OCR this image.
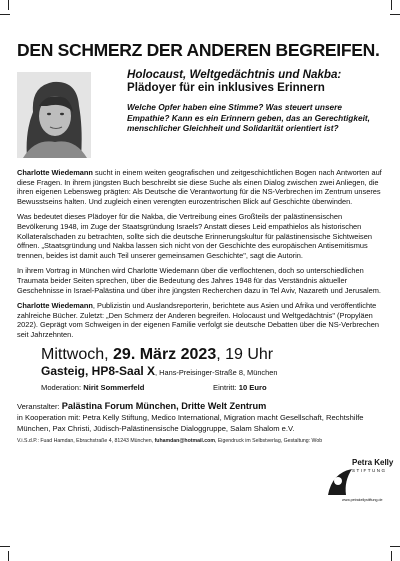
DEN SCHMERZ DER ANDEREN BEGREIFEN.
Holocaust, Weltgedächtnis und Nakba:
Plädoyer für ein inklusives Erinnern
Welche Opfer haben eine Stimme? Was steuert unsere Empathie? Kann es ein Erinnern geben, das an Gerechtigkeit, menschlicher Gleichheit und Solidarität orientiert ist?

Charlotte Wiedemann sucht in einem weiten geografischen und zeitgeschichtlichen Bogen nach Antworten auf diese Fragen. In ihrem jüngsten Buch beschreibt sie diese Suche als einen Dialog zwischen zwei Anliegen, die ihren eigenen Lebensweg prägten: Als Deutsche die Verantwortung für die NS-Verbrechen im Zentrum unseres Bewusstseins halten. Und zugleich einen verengten eurozentrischen Blick auf Geschichte überwinden.

Was bedeutet dieses Plädoyer für die Nakba, die Vertreibung eines Großteils der palästinensischen Bevölkerung 1948, im Zuge der Staatsgründung Israels? Anstatt dieses Leid empathielos als historischen Kollateralschaden zu betrachten, sollte sich die deutsche Erinnerungskultur für palästinensische Sichtweisen öffnen. „Staatsgründung und Nakba lassen sich nicht von der Geschichte des europäischen Antisemitismus trennen, beides ist damit auch Teil unserer gemeinsamen Geschichte", sagt die Autorin.

In ihrem Vortrag in München wird Charlotte Wiedemann über die verflochtenen, doch so unterschiedlichen Traumata beider Seiten sprechen, über die Bedeutung des Jahres 1948 für das Verständnis aktueller Geschehnisse in Israel-Palästina und über ihre jüngsten Recherchen dazu in Tel Aviv, Nazareth und Jerusalem.

Charlotte Wiedemann, Publizistin und Auslandsreporterin, berichtete aus Asien und Afrika und veröffentlichte zahlreiche Bücher. Zuletzt: „Den Schmerz der Anderen begreifen. Holocaust und Weltgedächtnis" (Propyläen 2022). Geprägt vom Schweigen in der eigenen Familie verfolgt sie deutsche Debatten über die NS-Verbrechen seit Jahrzehnten.

Mittwoch, 29. März 2023, 19 Uhr
Gasteig, HP8-Saal X, Hans-Preisinger-Straße 8, München
Moderation: Nirit Sommerfeld	Eintritt: 10 Euro
Veranstalter: Palästina Forum München, Dritte Welt Zentrum
in Kooperation mit: Petra Kelly Stiftung, Medico International, Migration macht Gesellschaft, Rechtshilfe München, Pax Christi, Jüdisch-Palästinensische Dialoggruppe, Salam Shalom e.V.
V.i.S.d.P.: Fuad Hamdan, Ebrachstraße 4, 81243 München, fuhamdan@hotmail.com, Eigendruck im Selbstverlag, Gestaltung: Wob
Petra Kelly
STIFTUNG
www.petrakellystiftung.de
